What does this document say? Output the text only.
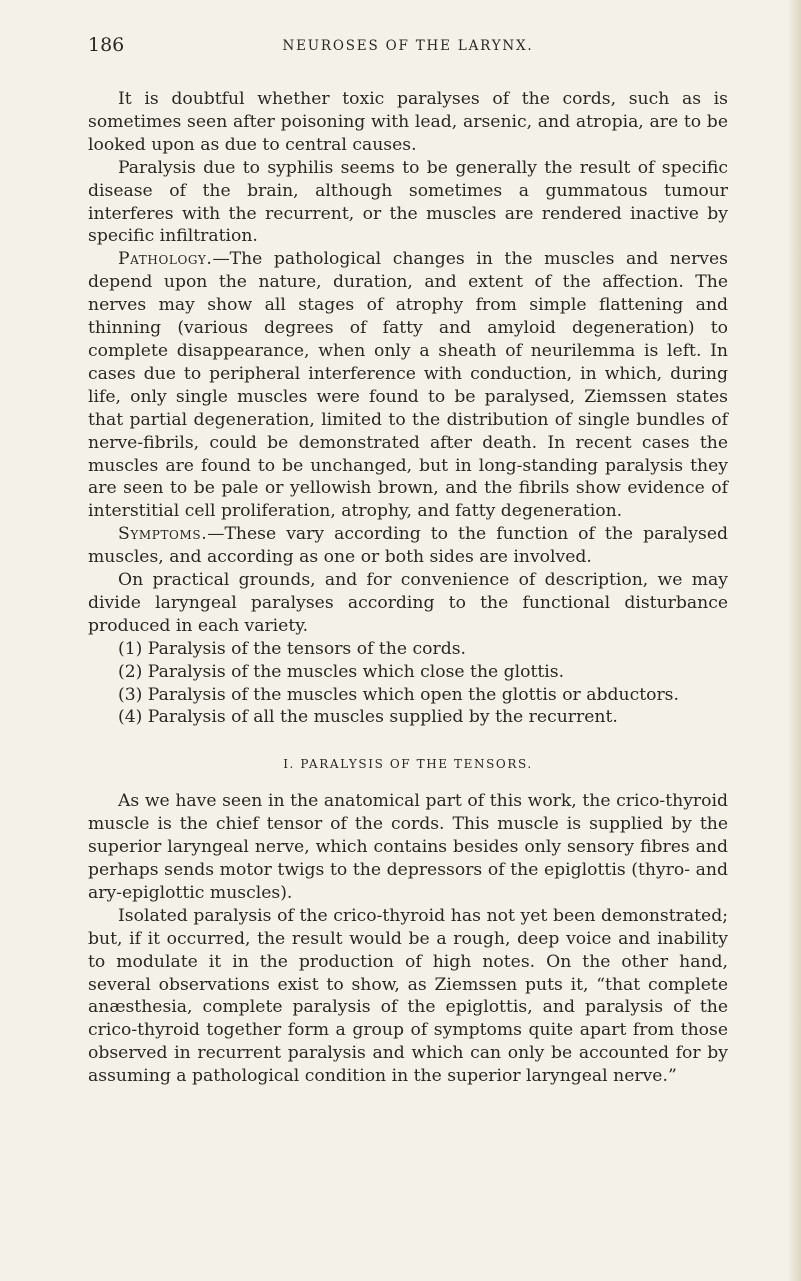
186	NEUROSES OF THE LARYNX.

It is doubtful whether toxic paralyses of the cords, such as is sometimes seen after poisoning with lead, arsenic, and atropia, are to be looked upon as due to central causes.

Paralysis due to syphilis seems to be generally the result of specific disease of the brain, although sometimes a gummatous tumour interferes with the recurrent, or the muscles are rendered inactive by specific infiltration.

Pathology.—The pathological changes in the muscles and nerves depend upon the nature, duration, and extent of the affection. The nerves may show all stages of atrophy from simple flattening and thinning (various degrees of fatty and amyloid degeneration) to complete disappearance, when only a sheath of neurilemma is left. In cases due to peripheral interference with conduction, in which, during life, only single muscles were found to be paralysed, Ziemssen states that partial degeneration, limited to the distribution of single bundles of nerve-fibrils, could be demonstrated after death. In recent cases the muscles are found to be unchanged, but in long-standing paralysis they are seen to be pale or yellowish brown, and the fibrils show evidence of interstitial cell proliferation, atrophy, and fatty degeneration.

Symptoms.—These vary according to the function of the paralysed muscles, and according as one or both sides are involved.

On practical grounds, and for convenience of description, we may divide laryngeal paralyses according to the functional disturbance produced in each variety.

(1) Paralysis of the tensors of the cords.
(2) Paralysis of the muscles which close the glottis.
(3) Paralysis of the muscles which open the glottis or abductors.
(4) Paralysis of all the muscles supplied by the recurrent.
I. PARALYSIS OF THE TENSORS.

As we have seen in the anatomical part of this work, the crico-thyroid muscle is the chief tensor of the cords. This muscle is supplied by the superior laryngeal nerve, which contains besides only sensory fibres and perhaps sends motor twigs to the depressors of the epiglottis (thyro- and ary-epiglottic muscles).

Isolated paralysis of the crico-thyroid has not yet been demonstrated; but, if it occurred, the result would be a rough, deep voice and inability to modulate it in the production of high notes. On the other hand, several observations exist to show, as Ziemssen puts it, “that complete anæsthesia, complete paralysis of the epiglottis, and paralysis of the crico-thyroid together form a group of symptoms quite apart from those observed in recurrent paralysis and which can only be accounted for by assuming a pathological condition in the superior laryngeal nerve.”
